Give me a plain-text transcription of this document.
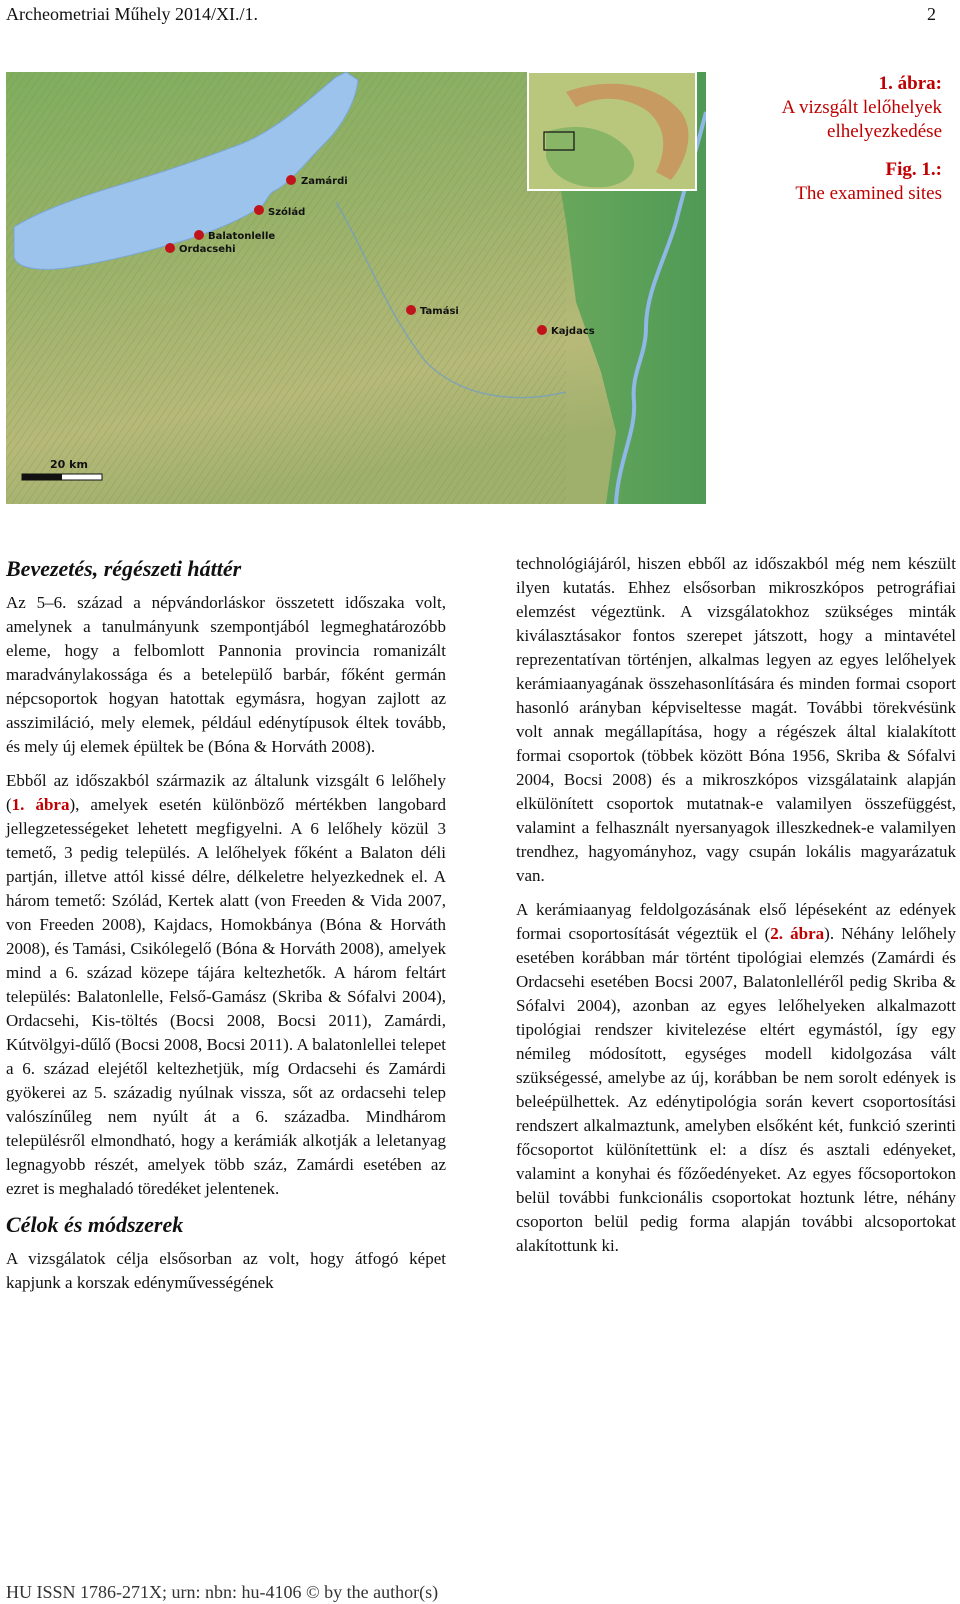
Archeometriai Műhely 2014/XI./1.	2
Zamárdi
Szólád
Balatonlelle
Ordacsehi
Tamási
Kajdacs
20 km
1. ábra:
A vizsgált lelőhelyek
elhelyezkedése
Fig. 1.:
The examined sites
Bevezetés, régészeti háttér

Az 5–6. század a népvándorláskor összetett időszaka volt, amelynek a tanulmányunk szempontjából legmeghatározóbb eleme, hogy a felbomlott Pannonia provincia romanizált maradványlakossága és a betelepülő barbár, főként germán népcsoportok hogyan hatottak egymásra, hogyan zajlott az asszimiláció, mely elemek, például edénytípusok éltek tovább, és mely új elemek épültek be (Bóna & Horváth 2008).

Ebből az időszakból származik az általunk vizsgált 6 lelőhely (1. ábra), amelyek esetén különböző mértékben langobard jellegzetességeket lehetett megfigyelni. A 6 lelőhely közül 3 temető, 3 pedig település. A lelőhelyek főként a Balaton déli partján, illetve attól kissé délre, délkeletre helyezkednek el. A három temető: Szólád, Kertek alatt (von Freeden & Vida 2007, von Freeden 2008), Kajdacs, Homokbánya (Bóna & Horváth 2008), és Tamási, Csikólegelő (Bóna & Horváth 2008), amelyek mind a 6. század közepe tájára keltezhetők. A három feltárt település: Balatonlelle, Felső-Gamász (Skriba & Sófalvi 2004), Ordacsehi, Kis-töltés (Bocsi 2008, Bocsi 2011), Zamárdi, Kútvölgyi-dűlő (Bocsi 2008, Bocsi 2011). A balatonlellei telepet a 6. század elejétől keltezhetjük, míg Ordacsehi és Zamárdi gyökerei az 5. századig nyúlnak vissza, sőt az ordacsehi telep valószínűleg nem nyúlt át a 6. századba. Mindhárom településről elmondható, hogy a kerámiák alkotják a leletanyag legnagyobb részét, amelyek több száz, Zamárdi esetében az ezret is meghaladó töredéket jelentenek.

Célok és módszerek

A vizsgálatok célja elsősorban az volt, hogy átfogó képet kapjunk a korszak edényművességének

technológiájáról, hiszen ebből az időszakból még nem készült ilyen kutatás. Ehhez elsősorban mikroszkópos petrográfiai elemzést végeztünk. A vizsgálatokhoz szükséges minták kiválasztásakor fontos szerepet játszott, hogy a mintavétel reprezentatívan történjen, alkalmas legyen az egyes lelőhelyek kerámiaanyagának összehasonlítására és minden formai csoport hasonló arányban képviseltesse magát. További törekvésünk volt annak megállapítása, hogy a régészek által kialakított formai csoportok (többek között Bóna 1956, Skriba & Sófalvi 2004, Bocsi 2008) és a mikroszkópos vizsgálataink alapján elkülönített csoportok mutatnak-e valamilyen összefüggést, valamint a felhasznált nyersanyagok illeszkednek-e valamilyen trendhez, hagyományhoz, vagy csupán lokális magyarázatuk van.

A kerámiaanyag feldolgozásának első lépéseként az edények formai csoportosítását végeztük el (2. ábra). Néhány lelőhely esetében korábban már történt tipológiai elemzés (Zamárdi és Ordacsehi esetében Bocsi 2007, Balatonlelléről pedig Skriba & Sófalvi 2004), azonban az egyes lelőhelyeken alkalmazott tipológiai rendszer kivitelezése eltért egymástól, így egy némileg módosított, egységes modell kidolgozása vált szükségessé, amelybe az új, korábban be nem sorolt edények is beleépülhettek. Az edénytipológia során kevert csoportosítási rendszert alkalmaztunk, amelyben elsőként két, funkció szerinti főcsoportot különítettünk el: a dísz és asztali edényeket, valamint a konyhai és főzőedényeket. Az egyes főcsoportokon belül további funkcionális csoportokat hoztunk létre, néhány csoporton belül pedig forma alapján további alcsoportokat alakítottunk ki.

HU ISSN 1786-271X; urn: nbn: hu-4106 © by the author(s)
